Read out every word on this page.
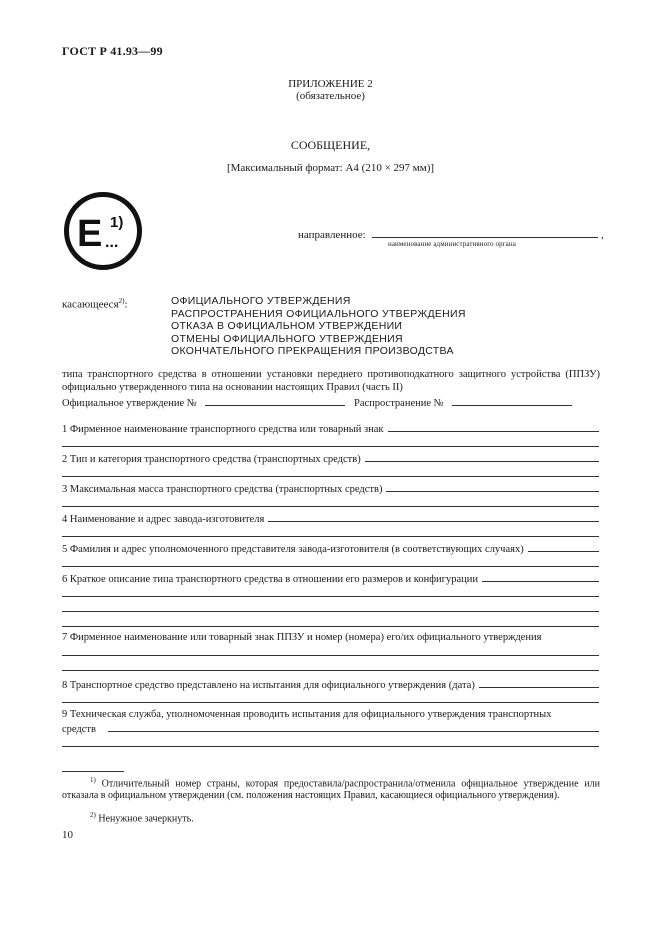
ГОСТ Р 41.93—99
ПРИЛОЖЕНИЕ 2
(обязательное)
СООБЩЕНИЕ,
[Максимальный формат: А4 (210 × 297 мм)]
E 1)
...	направленное:	,
наименование административного органа
касающееся$^{2)}$:	ОФИЦИАЛЬНОГО УТВЕРЖДЕНИЯ
РАСПРОСТРАНЕНИЯ ОФИЦИАЛЬНОГО УТВЕРЖДЕНИЯ
ОТКАЗА В ОФИЦИАЛЬНОМ УТВЕРЖДЕНИИ
ОТМЕНЫ ОФИЦИАЛЬНОГО УТВЕРЖДЕНИЯ
ОКОНЧАТЕЛЬНОГО ПРЕКРАЩЕНИЯ ПРОИЗВОДСТВА
типа транспортного средства в отношении установки переднего противоподкатного защитного устройства (ППЗУ) официально утвержденного типа на основании настоящих Правил (часть II)
Официальное утверждение №	Распространение №
1 Фирменное наименование транспортного средства или товарный знак
2 Тип и категория транспортного средства (транспортных средств)
3 Максимальная масса транспортного средства (транспортных средств)
4 Наименование и адрес завода-изготовителя
5 Фамилия и адрес уполномоченного представителя завода-изготовителя (в соответствующих случаях)
6 Краткое описание типа транспортного средства в отношении его размеров и конфигурации
7 Фирменное наименование или товарный знак ППЗУ и номер (номера) его/их официального утверждения
8 Транспортное средство представлено на испытания для официального утверждения (дата)
9 Техническая служба, уполномоченная проводить испытания для официального утверждения транспортных
средств
$^{1)}$ Отличительный номер страны, которая предоставила/распространила/отменила официальное утверждение или отказала в официальном утверждении (см. положения настоящих Правил, касающиеся официального утверждения).
$^{2)}$ Ненужное зачеркнуть.
10
